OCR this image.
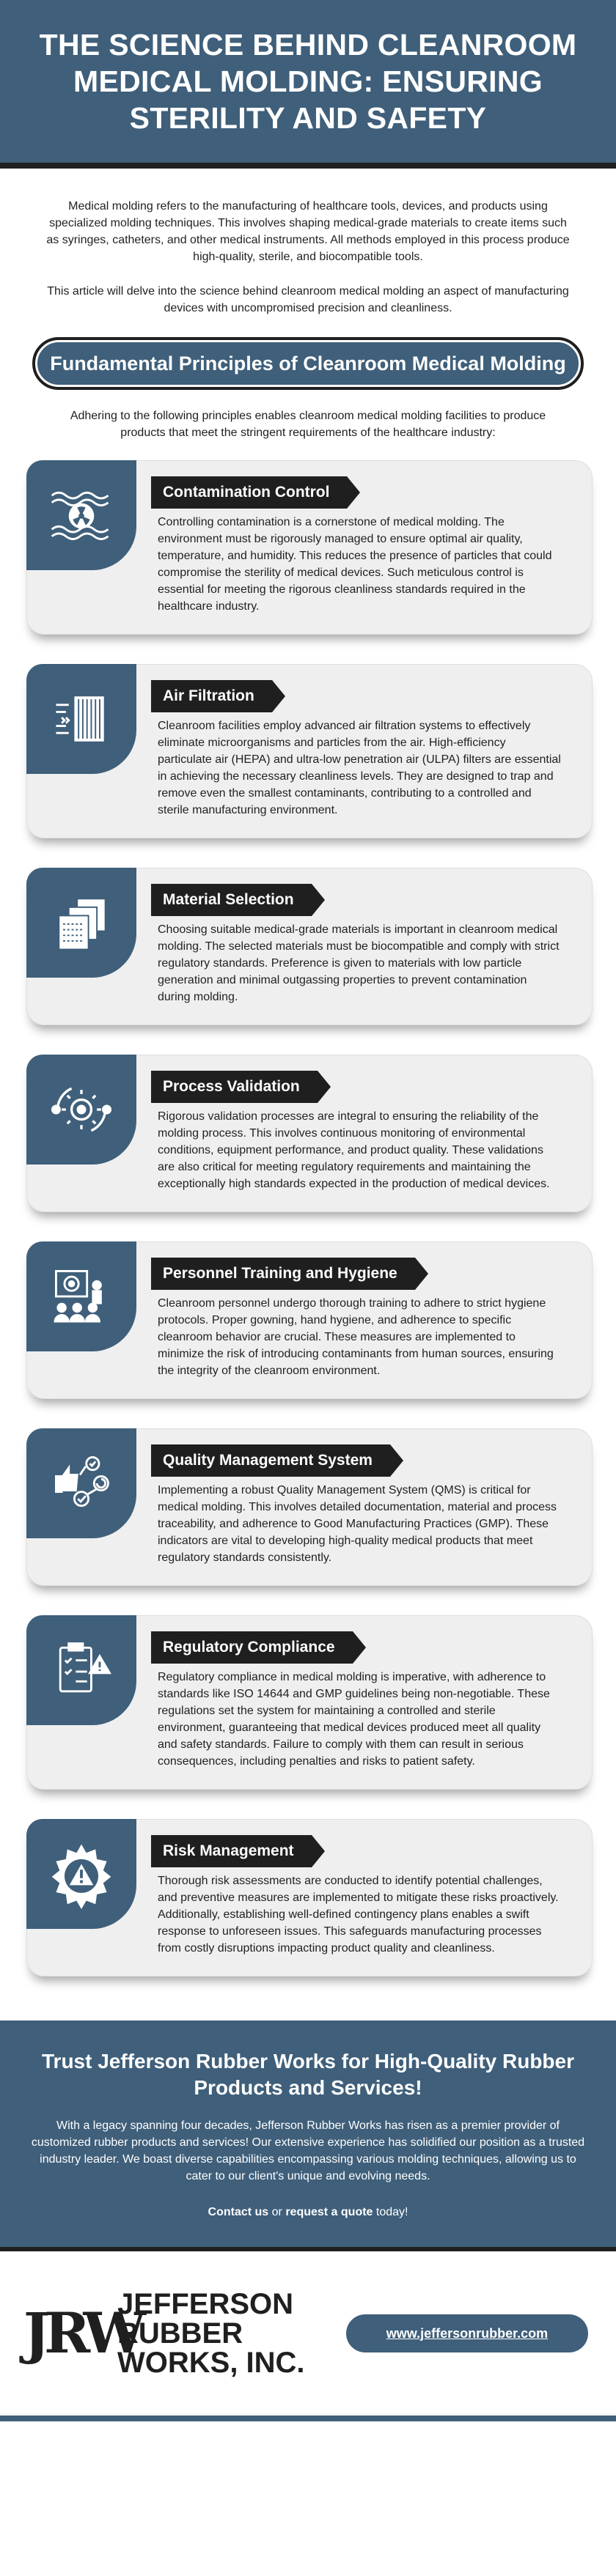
THE SCIENCE BEHIND CLEANROOM MEDICAL MOLDING: ENSURING STERILITY AND SAFETY

Medical molding refers to the manufacturing of healthcare tools, devices, and products using specialized molding techniques. This involves shaping medical-grade materials to create items such as syringes, catheters, and other medical instruments. All methods employed in this process produce high-quality, sterile, and biocompatible tools.

This article will delve into the science behind cleanroom medical molding an aspect of manufacturing devices with uncompromised precision and cleanliness.

Fundamental Principles of Cleanroom Medical Molding

Adhering to the following principles enables cleanroom medical molding facilities to produce products that meet the stringent requirements of the healthcare industry:

Contamination Control

Controlling contamination is a cornerstone of medical molding. The environment must be rigorously managed to ensure optimal air quality, temperature, and humidity. This reduces the presence of particles that could compromise the sterility of medical devices. Such meticulous control is essential for meeting the rigorous cleanliness standards required in the healthcare industry.

Air Filtration

Cleanroom facilities employ advanced air filtration systems to effectively eliminate microorganisms and particles from the air. High-efficiency particulate air (HEPA) and ultra-low penetration air (ULPA) filters are essential in achieving the necessary cleanliness levels. They are designed to trap and remove even the smallest contaminants, contributing to a controlled and sterile manufacturing environment.

Material Selection

Choosing suitable medical-grade materials is important in cleanroom medical molding. The selected materials must be biocompatible and comply with strict regulatory standards. Preference is given to materials with low particle generation and minimal outgassing properties to prevent contamination during molding.

Process Validation

Rigorous validation processes are integral to ensuring the reliability of the molding process. This involves continuous monitoring of environmental conditions, equipment performance, and product quality. These validations are also critical for meeting regulatory requirements and maintaining the exceptionally high standards expected in the production of medical devices.

Personnel Training and Hygiene

Cleanroom personnel undergo thorough training to adhere to strict hygiene protocols. Proper gowning, hand hygiene, and adherence to specific cleanroom behavior are crucial. These measures are implemented to minimize the risk of introducing contaminants from human sources, ensuring the integrity of the cleanroom environment.

Quality Management System

Implementing a robust Quality Management System (QMS) is critical for medical molding. This involves detailed documentation, material and process traceability, and adherence to Good Manufacturing Practices (GMP). These indicators are vital to developing high-quality medical products that meet regulatory standards consistently.

Regulatory Compliance

Regulatory compliance in medical molding is imperative, with adherence to standards like ISO 14644 and GMP guidelines being non-negotiable. These regulations set the system for maintaining a controlled and sterile environment, guaranteeing that medical devices produced meet all quality and safety standards. Failure to comply with them can result in serious consequences, including penalties and risks to patient safety.

Risk Management

Thorough risk assessments are conducted to identify potential challenges, and preventive measures are implemented to mitigate these risks proactively. Additionally, establishing well-defined contingency plans enables a swift response to unforeseen issues. This safeguards manufacturing processes from costly disruptions impacting product quality and cleanliness.

Trust Jefferson Rubber Works for High-Quality Rubber Products and Services!

With a legacy spanning four decades, Jefferson Rubber Works has risen as a premier provider of customized rubber products and services! Our extensive experience has solidified our position as a trusted industry leader. We boast diverse capabilities encompassing various molding techniques, allowing us to cater to our client's unique and evolving needs.

Contact us or request a quote today!

JRW
JEFFERSON
RUBBER
WORKS, INC.
www.jeffersonrubber.com
